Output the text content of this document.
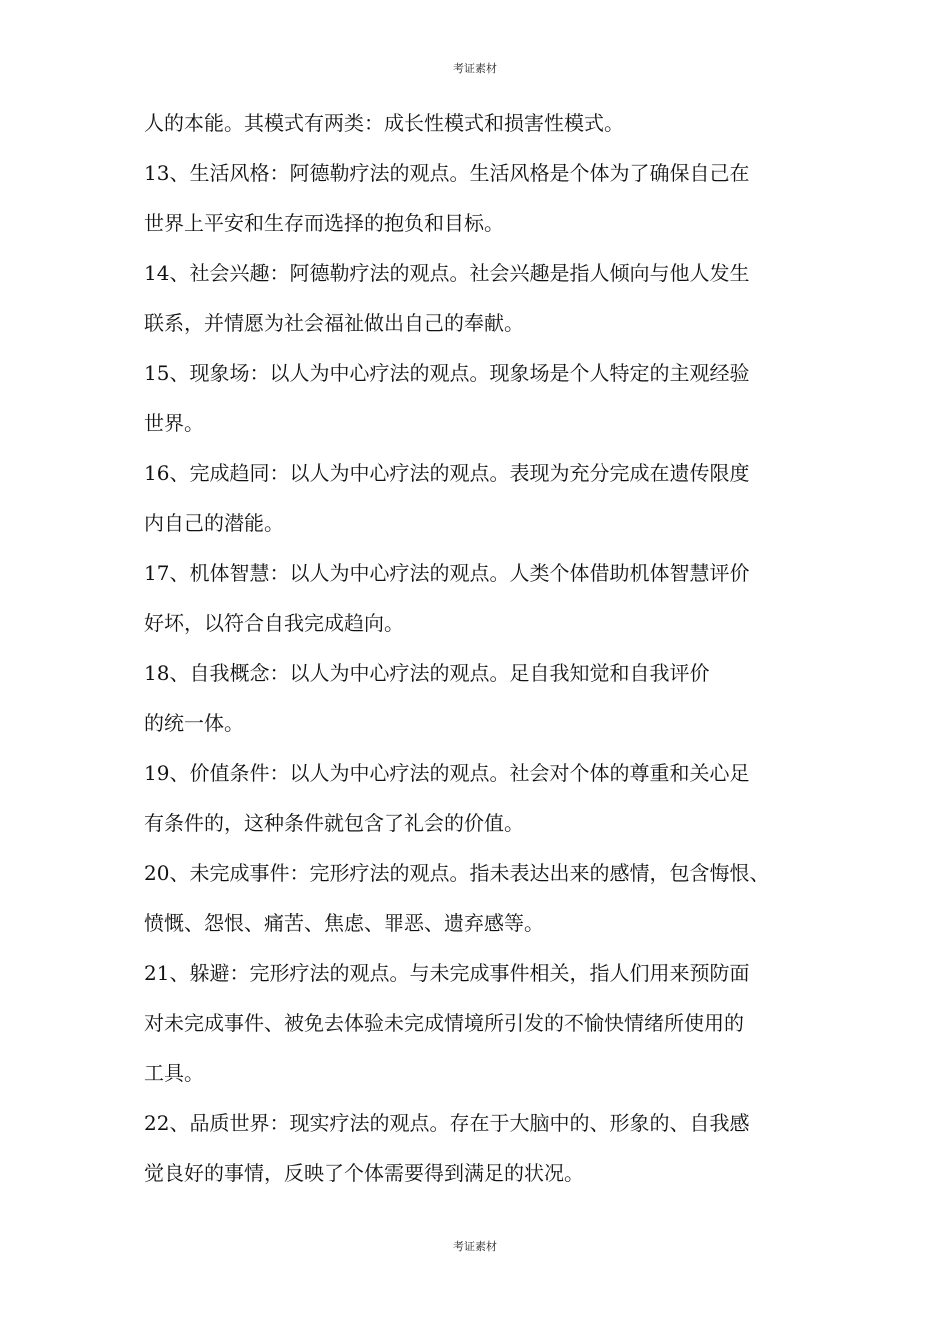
考证素材
人的本能。其模式有两类：成长性模式和损害性模式。
13、生活风格：阿德勒疗法的观点。生活风格是个体为了确保自己在
世界上平安和生存而选择的抱负和目标。
14、社会兴趣：阿德勒疗法的观点。社会兴趣是指人倾向与他人发生
联系，并情愿为社会福祉做出自己的奉献。
15、现象场：以人为中心疗法的观点。现象场是个人特定的主观经验
世界。
16、完成趋同：以人为中心疗法的观点。表现为充分完成在遗传限度
内自己的潜能。
17、机体智慧：以人为中心疗法的观点。人类个体借助机体智慧评价
好坏，以符合自我完成趋向。
18、自我概念：以人为中心疗法的观点。足自我知觉和自我评价
的统一体。
19、价值条件：以人为中心疗法的观点。社会对个体的尊重和关心足
有条件的，这种条件就包含了礼会的价值。
20、未完成事件：完形疗法的观点。指未表达出来的感情，包含悔恨、
愤慨、怨恨、痛苦、焦虑、罪恶、遗弃感等。
21、躲避：完形疗法的观点。与未完成事件相关，指人们用来预防面
对未完成事件、被免去体验未完成情境所引发的不愉快情绪所使用的
工具。
22、品质世界：现实疗法的观点。存在于大脑中的、形象的、自我感
觉良好的事情，反映了个体需要得到满足的状况。
考证素材
